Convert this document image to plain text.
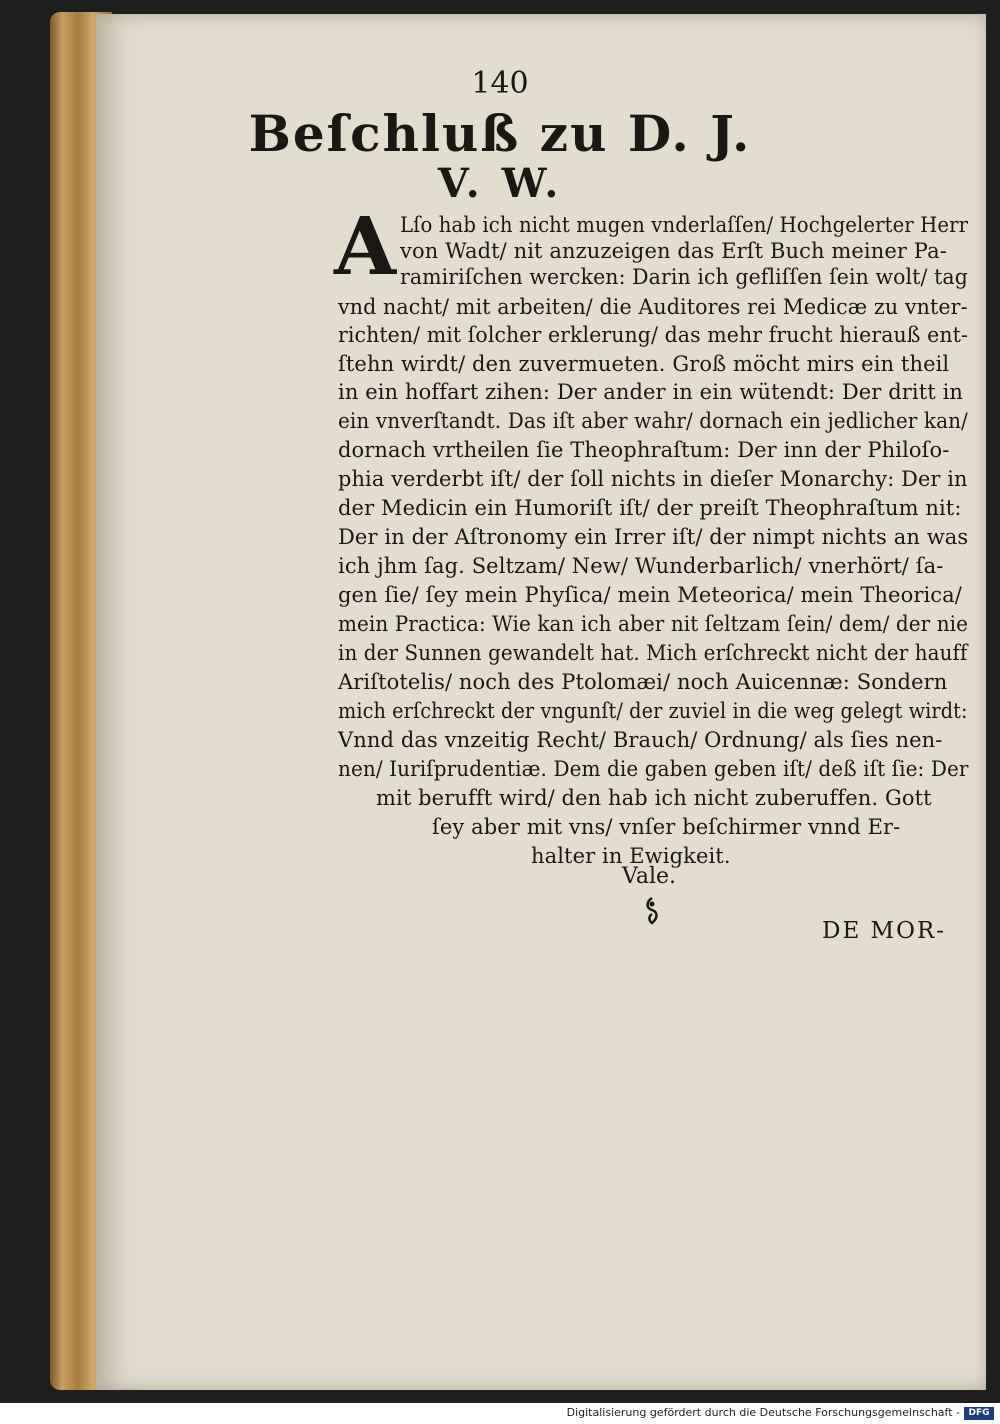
140
Beſchluß zu D. J.
V. W.
A Lſo hab ich nicht mugen vnderlaſſen/ Hochgelerter Herr
von Wadt/ nit anzuzeigen das Erſt Buch meiner Pa-
ramiriſchen wercken: Darin ich gefliſſen ſein wolt/ tag
vnd nacht/ mit arbeiten/ die Auditores rei Medicæ zu vnter-
richten/ mit ſolcher erklerung/ das mehr frucht hierauß ent-
ſtehn wirdt/ den zuvermueten. Groß möcht mirs ein theil
in ein hoffart zihen: Der ander in ein wütendt: Der dritt in
ein vnverſtandt. Das iſt aber wahr/ dornach ein jedlicher kan/
dornach vrtheilen ſie Theophraſtum: Der inn der Philoſo-
phia verderbt iſt/ der ſoll nichts in dieſer Monarchy: Der in
der Medicin ein Humoriſt iſt/ der preiſt Theophraſtum nit:
Der in der Aſtronomy ein Irrer iſt/ der nimpt nichts an was
ich jhm ſag. Seltzam/ New/ Wunderbarlich/ vnerhört/ ſa-
gen ſie/ ſey mein Phyſica/ mein Meteorica/ mein Theorica/
mein Practica: Wie kan ich aber nit ſeltzam ſein/ dem/ der nie
in der Sunnen gewandelt hat. Mich erſchreckt nicht der hauff
Ariſtotelis/ noch des Ptolomæi/ noch Auicennæ: Sondern
mich erſchreckt der vngunſt/ der zuviel in die weg gelegt wirdt:
Vnnd das vnzeitig Recht/ Brauch/ Ordnung/ als ſies nen-
nen/ Iuriſprudentiæ. Dem die gaben geben iſt/ deß iſt ſie: Der
mit berufft wird/ den hab ich nicht zuberuffen. Gott
ſey aber mit vns/ vnſer beſchirmer vnnd Er-
halter in Ewigkeit.
Vale.
DE MOR-
Digitalisierung gefördert durch die Deutsche Forschungsgemeinschaft - DFG
